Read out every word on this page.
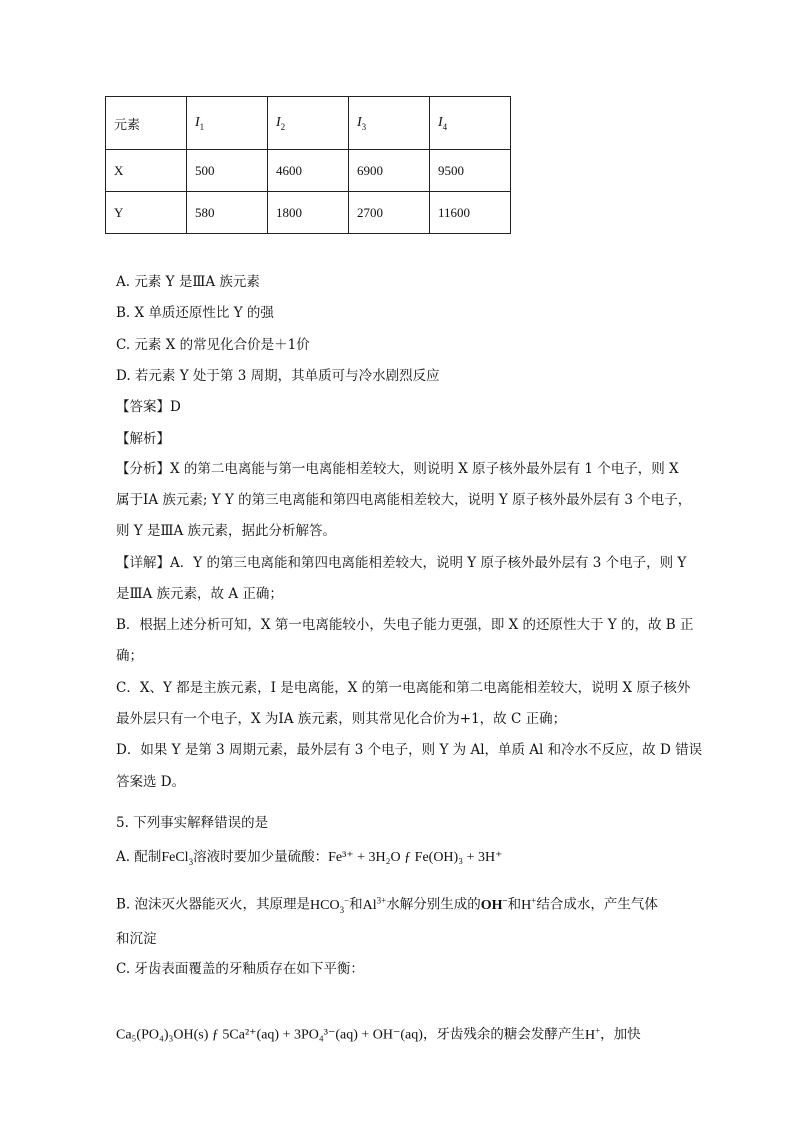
元素	$I_1$	$I_2$	$I_3$	$I_4$
X	500	4600	6900	9500
Y	580	1800	2700	11600
A. 元素 Y 是ⅢA 族元素
B. X 单质还原性比 Y 的强
C. 元素 X 的常见化合价是＋1价
D. 若元素 Y 处于第 3 周期，其单质可与冷水剧烈反应
【答案】D
【解析】
【分析】X 的第二电离能与第一电离能相差较大，则说明 X 原子核外最外层有 1 个电子，则 X
属于ⅠA 族元素; Y Y 的第三电离能和第四电离能相差较大，说明 Y 原子核外最外层有 3 个电子，
则 Y 是ⅢA 族元素，据此分析解答。
【详解】A．Y 的第三电离能和第四电离能相差较大，说明 Y 原子核外最外层有 3 个电子，则 Y
是ⅢA 族元素，故 A 正确；
B．根据上述分析可知，X 第一电离能较小，失电子能力更强，即 X 的还原性大于 Y 的，故 B 正
确；
C．X、Y 都是主族元素，I 是电离能，X 的第一电离能和第二电离能相差较大，说明 X 原子核外
最外层只有一个电子，X 为ⅠA 族元素，则其常见化合价为+1，故 C 正确；
D．如果 Y 是第 3 周期元素，最外层有 3 个电子，则 Y 为 Al，单质 Al 和冷水不反应，故 D 错误
答案选 D。
5. 下列事实解释错误的是
A. 配制FeCl$_3$溶液时要加少量硫酸：Fe³⁺ + 3H₂O ƒ Fe(OH)₃ + 3H⁺
B. 泡沫灭火器能灭火，其原理是$HCO_3^-$和$Al^{3+}$水解分别生成的OH−和H+结合成水，产生气体
和沉淀
C. 牙齿表面覆盖的牙釉质存在如下平衡：
Ca₅(PO₄)₃OH(s) ƒ 5Ca²⁺(aq) + 3PO₄³⁻(aq) + OH⁻(aq)，牙齿残余的糖会发酵产生H+，加快
